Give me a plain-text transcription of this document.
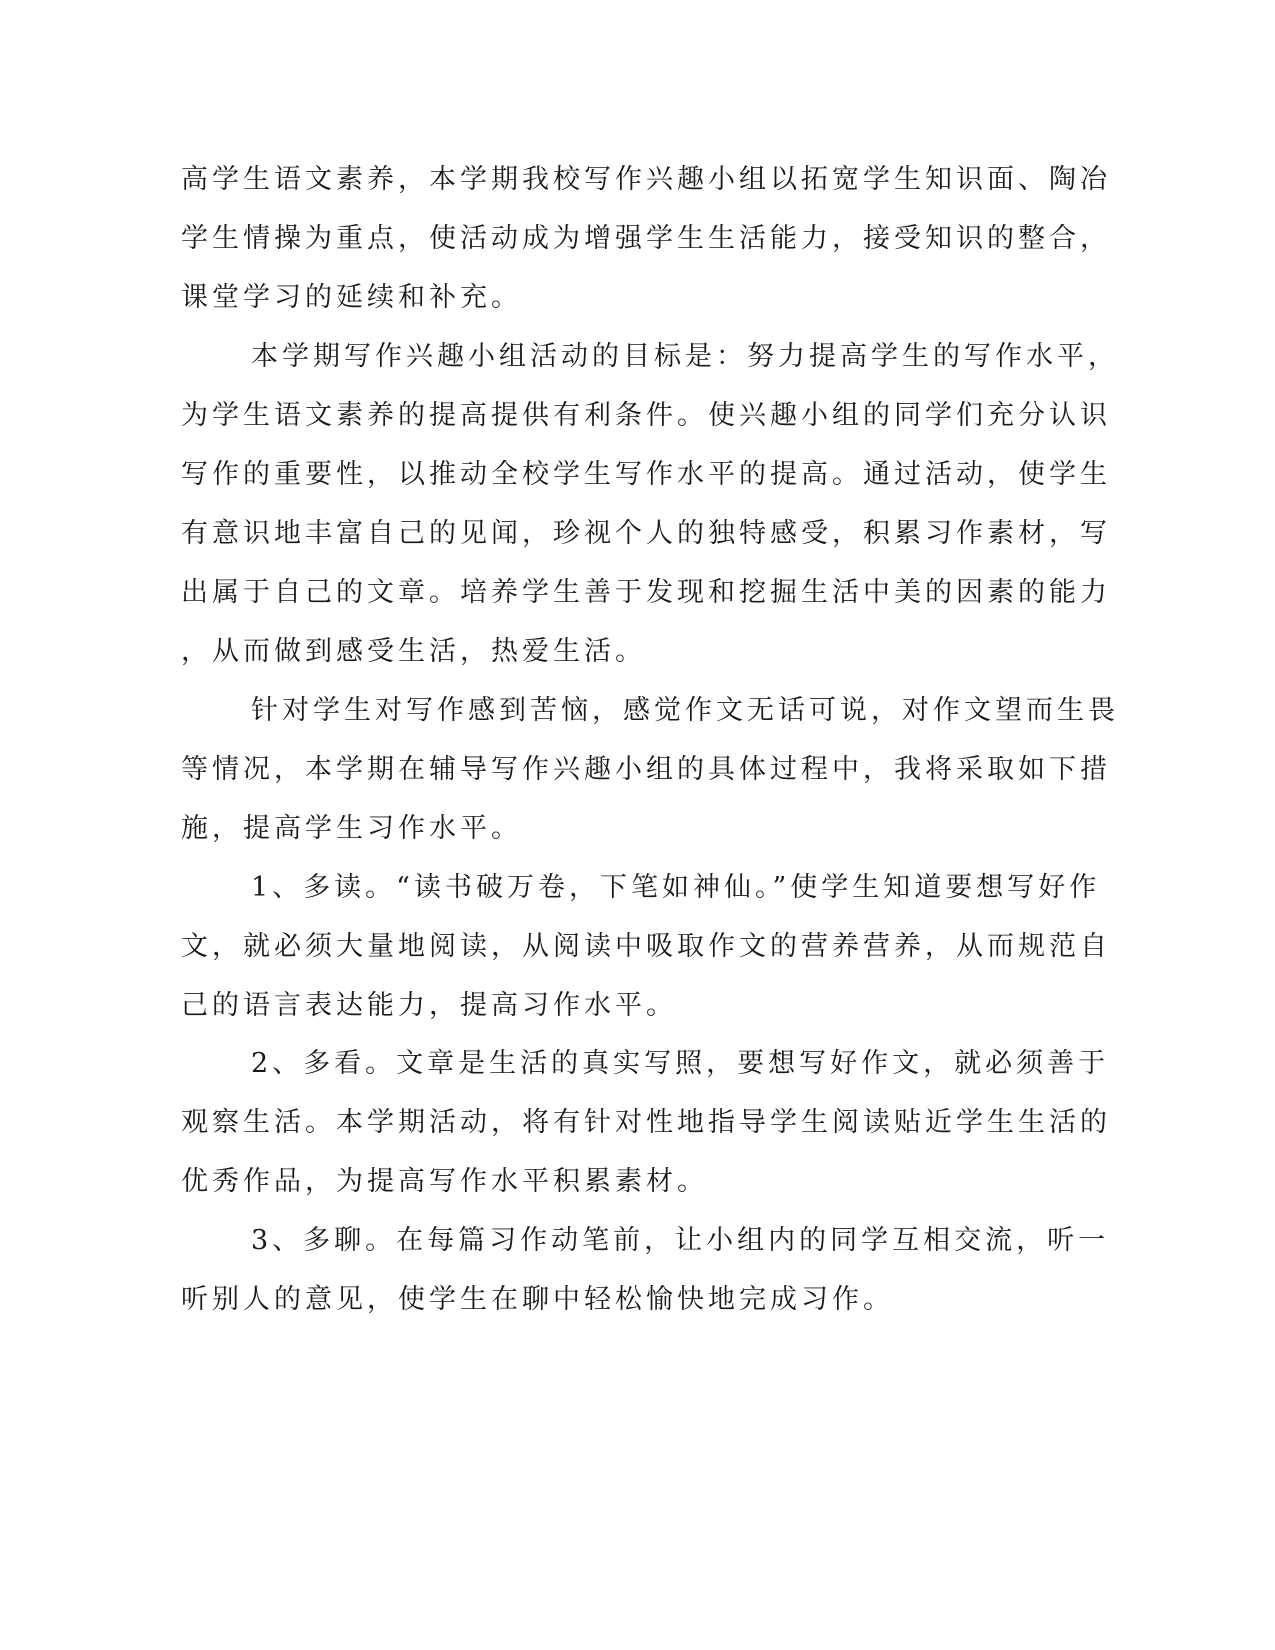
高学生语文素养，本学期我校写作兴趣小组以拓宽学生知识面、陶冶
学生情操为重点，使活动成为增强学生生活能力，接受知识的整合，
课堂学习的延续和补充。
本学期写作兴趣小组活动的目标是：努力提高学生的写作水平，
为学生语文素养的提高提供有利条件。使兴趣小组的同学们充分认识
写作的重要性，以推动全校学生写作水平的提高。通过活动，使学生
有意识地丰富自己的见闻，珍视个人的独特感受，积累习作素材，写
出属于自己的文章。培养学生善于发现和挖掘生活中美的因素的能力
，从而做到感受生活，热爱生活。
针对学生对写作感到苦恼，感觉作文无话可说，对作文望而生畏
等情况，本学期在辅导写作兴趣小组的具体过程中，我将采取如下措
施，提高学生习作水平。
1、多读。“读书破万卷，下笔如神仙。”使学生知道要想写好作
文，就必须大量地阅读，从阅读中吸取作文的营养营养，从而规范自
己的语言表达能力，提高习作水平。
2、多看。文章是生活的真实写照，要想写好作文，就必须善于
观察生活。本学期活动，将有针对性地指导学生阅读贴近学生生活的
优秀作品，为提高写作水平积累素材。
3、多聊。在每篇习作动笔前，让小组内的同学互相交流，听一
听别人的意见，使学生在聊中轻松愉快地完成习作。
